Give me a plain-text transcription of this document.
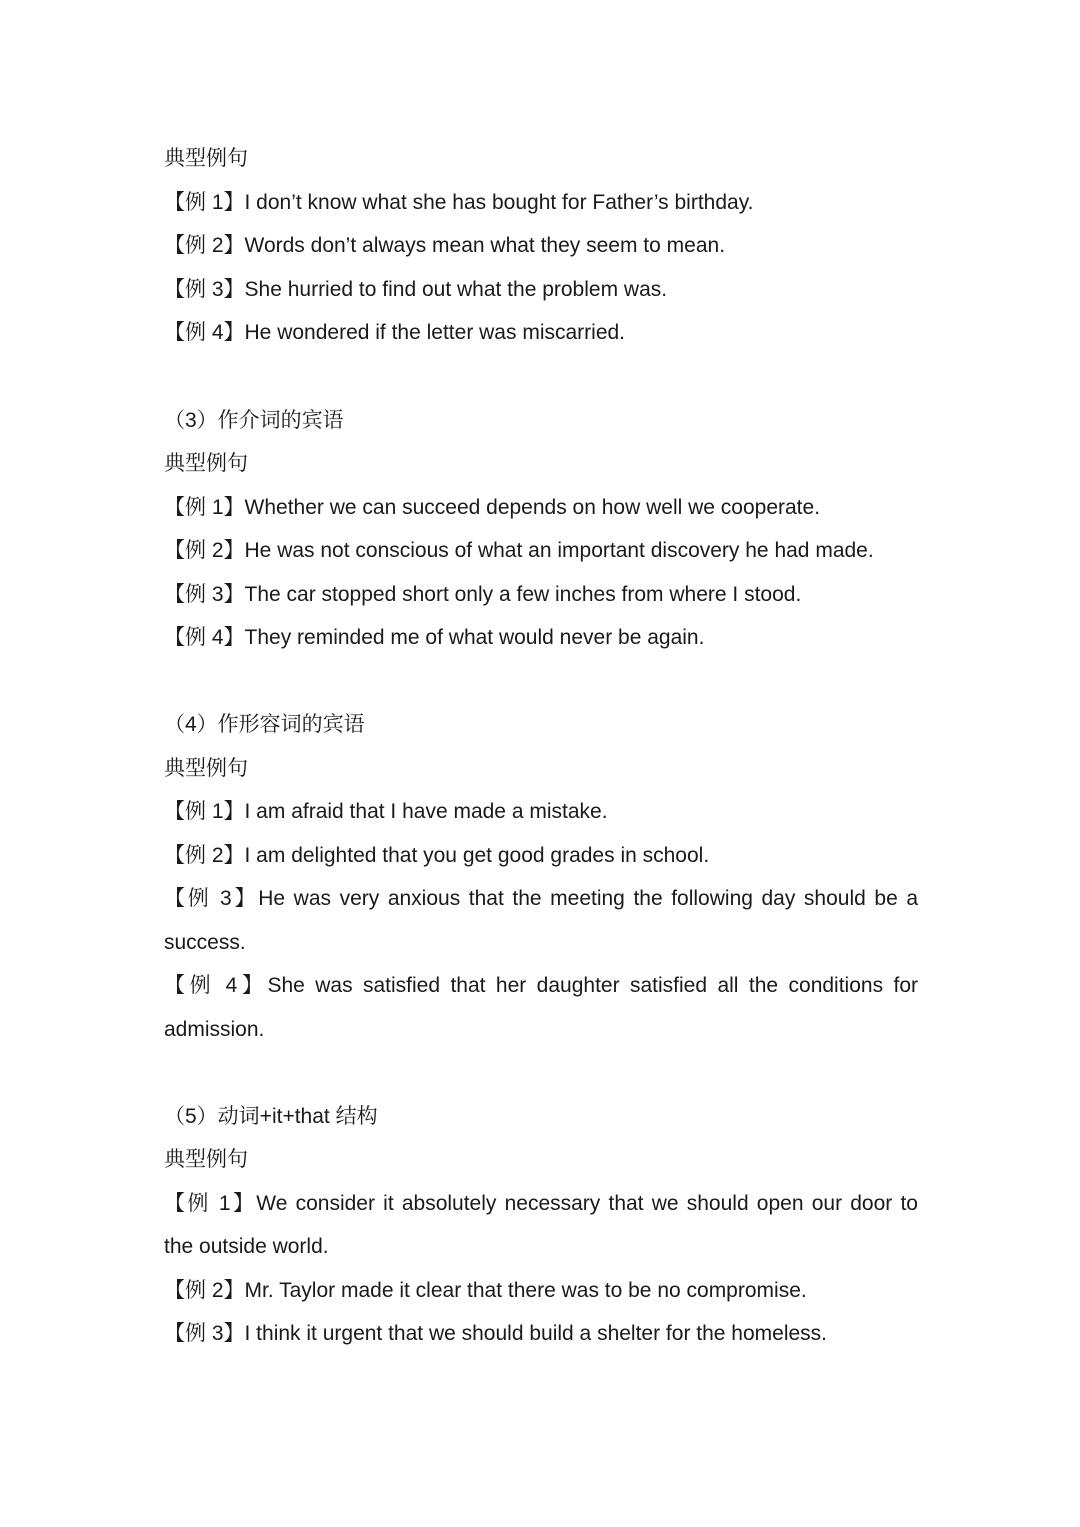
典型例句
【例 1】I don’t know what she has bought for Father’s birthday.
【例 2】Words don’t always mean what they seem to mean.
【例 3】She hurried to find out what the problem was.
【例 4】He wondered if the letter was miscarried.
（3）作介词的宾语
典型例句
【例 1】Whether we can succeed depends on how well we cooperate.
【例 2】He was not conscious of what an important discovery he had made.
【例 3】The car stopped short only a few inches from where I stood.
【例 4】They reminded me of what would never be again.
（4）作形容词的宾语
典型例句
【例 1】I am afraid that I have made a mistake.
【例 2】I am delighted that you get good grades in school.
【例 3】He was very anxious that the meeting the following day should be a
success.
【例 4】She was satisfied that her daughter satisfied all the conditions for
admission.
（5）动词+it+that 结构
典型例句
【例 1】We consider it absolutely necessary that we should open our door to
the outside world.
【例 2】Mr. Taylor made it clear that there was to be no compromise.
【例 3】I think it urgent that we should build a shelter for the homeless.
